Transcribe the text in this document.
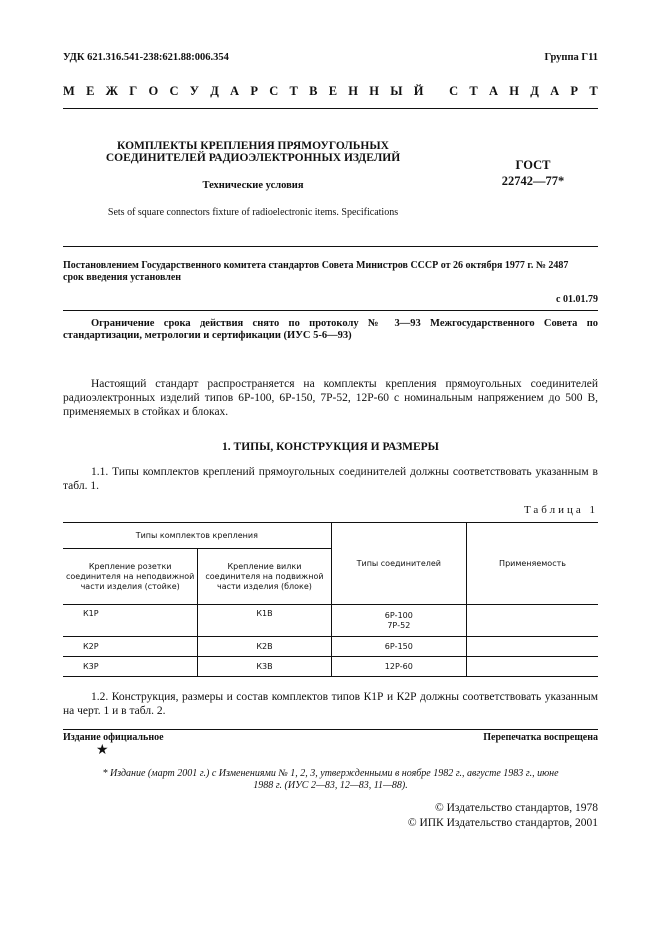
УДК 621.316.541-238:621.88:006.354	Группа Г11
М Е Ж Г О С У Д А Р С Т В Е Н Н Ы Й
С Т А Н Д А Р Т
КОМПЛЕКТЫ КРЕПЛЕНИЯ ПРЯМОУГОЛЬНЫХ
СОЕДИНИТЕЛЕЙ РАДИОЭЛЕКТРОННЫХ ИЗДЕЛИЙ
Технические условия
Sets of square connectors fixture of radioelectronic items. Specifications
ГОСТ
22742—77*
Постановлением Государственного комитета стандартов Совета Министров СССР от 26 октября 1977 г. № 2487
срок введения установлен
с 01.01.79
Ограничение срока действия снято по протоколу № 3—93 Межгосударственного Совета по стандартизации, метрологии и сертификации (ИУС 5-6—93)
Настоящий стандарт распространяется на комплекты крепления прямоугольных соединителей радиоэлектронных изделий типов 6Р-100, 6Р-150, 7Р-52, 12Р-60 с номинальным напряжением до 500 В, применяемых в стойках и блоках.
1. ТИПЫ, КОНСТРУКЦИЯ И РАЗМЕРЫ
1.1. Типы комплектов креплений прямоугольных соединителей должны соответствовать указанным в табл. 1.
Таблица 1
Типы комплектов крепления		Типы соединителей	Применяемость
Крепление розетки соединителя на неподвижной части изделия (стойке)	Крепление вилки соединителя на подвижной части изделия (блоке)		
К1Р	К1В	6Р-100
7Р-52	

К2Р	К2В	6Р-150	
К3Р	К3В	12Р-60	
1.2. Конструкция, размеры и состав комплектов типов К1Р и К2Р должны соответствовать указанным на черт. 1 и в табл. 2.
Издание официальное	Перепечатка воспрещена
★
* Издание (март 2001 г.) с Изменениями № 1, 2, 3, утвержденными в ноябре 1982 г., августе 1983 г., июне
1988 г. (ИУС 2—83, 12—83, 11—88).
© Издательство стандартов, 1978
© ИПК Издательство стандартов, 2001
